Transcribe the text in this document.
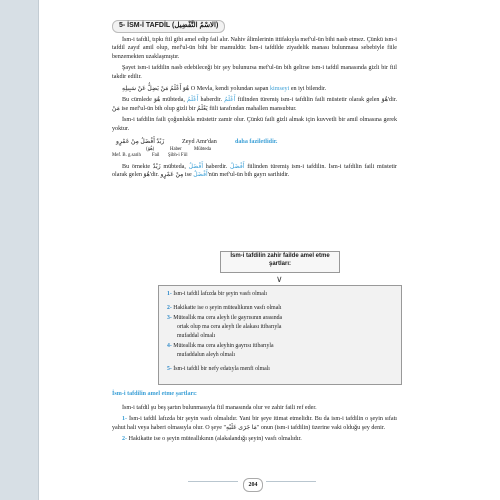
5- İSM-İ TAFDİL (الاسْمُ التَّفْضِيل)

İsm-i tafdil, tıpkı fiil gibi amel edip fail alır. Nahiv âlimlerinin ittifakıyla mef'ul-ün bihi nasb etmez. Çünkü ism-i tafdil zayıf amil olup, mef'ul-ün bihi bir mamuldür. İsm-i tafdilde ziyadelik manası bulunmasa sebebiyle fiile benzemekten uzaklaşmıştır.

Şayet ism-i tafdilin nasb edebileceği bir şey bulunursa mef'ul-ün bih gelirse ism-i tafdil manasında gizli bir fiil takdir edilir.

هُوَ أَعْلَمُ مَنْ يَضِلُّ عَنْ سَبِيلِهِ O Mevla, kendi yolundan sapan kimseyi en iyi bilendir.

Bu cümlede هُوَ mübteda, أَعْلَمُ haberdir. أَعْلَمُ fiilinden türemiş ism-i tafdilin faili müstetir olarak gelen هُوَ'dir. مَنْ ise mef'ul-ün bih olup gizli bir يَعْلَمُ fiili tarafından mahallen mansubtur.

İsm-i tafdilin faili çoğunlukla müstetir zamir olur. Çünkü faili gizli almak için kuvvetli bir amil olmasına gerek yoktur.

زَيْدٌ أَفْضَلُ مِنْ عَمْرٍو	Zeyd Amr'dan	daha faziletlidir.
Haber	Mübteda
(هُوَ)
Mef. B. g.sarih Fail Şibh-i Fiil

Bu örnekte زَيْدٌ mübteda, أَفْضَلُ haberdir. أَفْضَلُ fiilinden türemiş ism-i tafdilin. İsm-i tafdilin faili müstetir olarak gelen هُوَ'dir. مِنْ عَمْرٍو ise أَفْضَلُ'nün mef'ul-ün bih gayrı sarihidir.

İsm-i tafdilin zahir failde amel etme şartları:
∨
1- İsm-i tafdil lafızda bir şeyin vasfı olmalı
2- Hakikatte ise o şeyin mütealikının vasfı olmalı
3- Müteallık ma cera aleyh ile gayrısının arasında
ortak olup ma cera aleyh ile alakası itibarıyla
mufaddal olmalı
4- Müteallık ma cera aleyhin gayrısı itibarıyla
mufaddalun aleyh olmalı
5- İsm-i tafdil bir nefy edatıyla menfi olmalı

İsm-i tafdilin amel etme şartları:

İsm-i tafdil şu beş şartın bulunmasıyla fiil manasında olur ve zahir faili ref eder.

1- İsm-i tafdil lafızda bir şeyin vasfı olmalıdır. Yani bir şeye itimat etmelidir. Bu da ism-i tafdilin o şeyin sıfatı yahut hali veya haberi olmasıyla olur. O şeye "مَا جَرَى عَلَيْهِ" onun (ism-i tafdilin) üzerine vaki olduğu şey denir.

2- Hakikatte ise o şeyin müteallıkının (alakalandığı şeyin) vasfı olmalıdır.

204
